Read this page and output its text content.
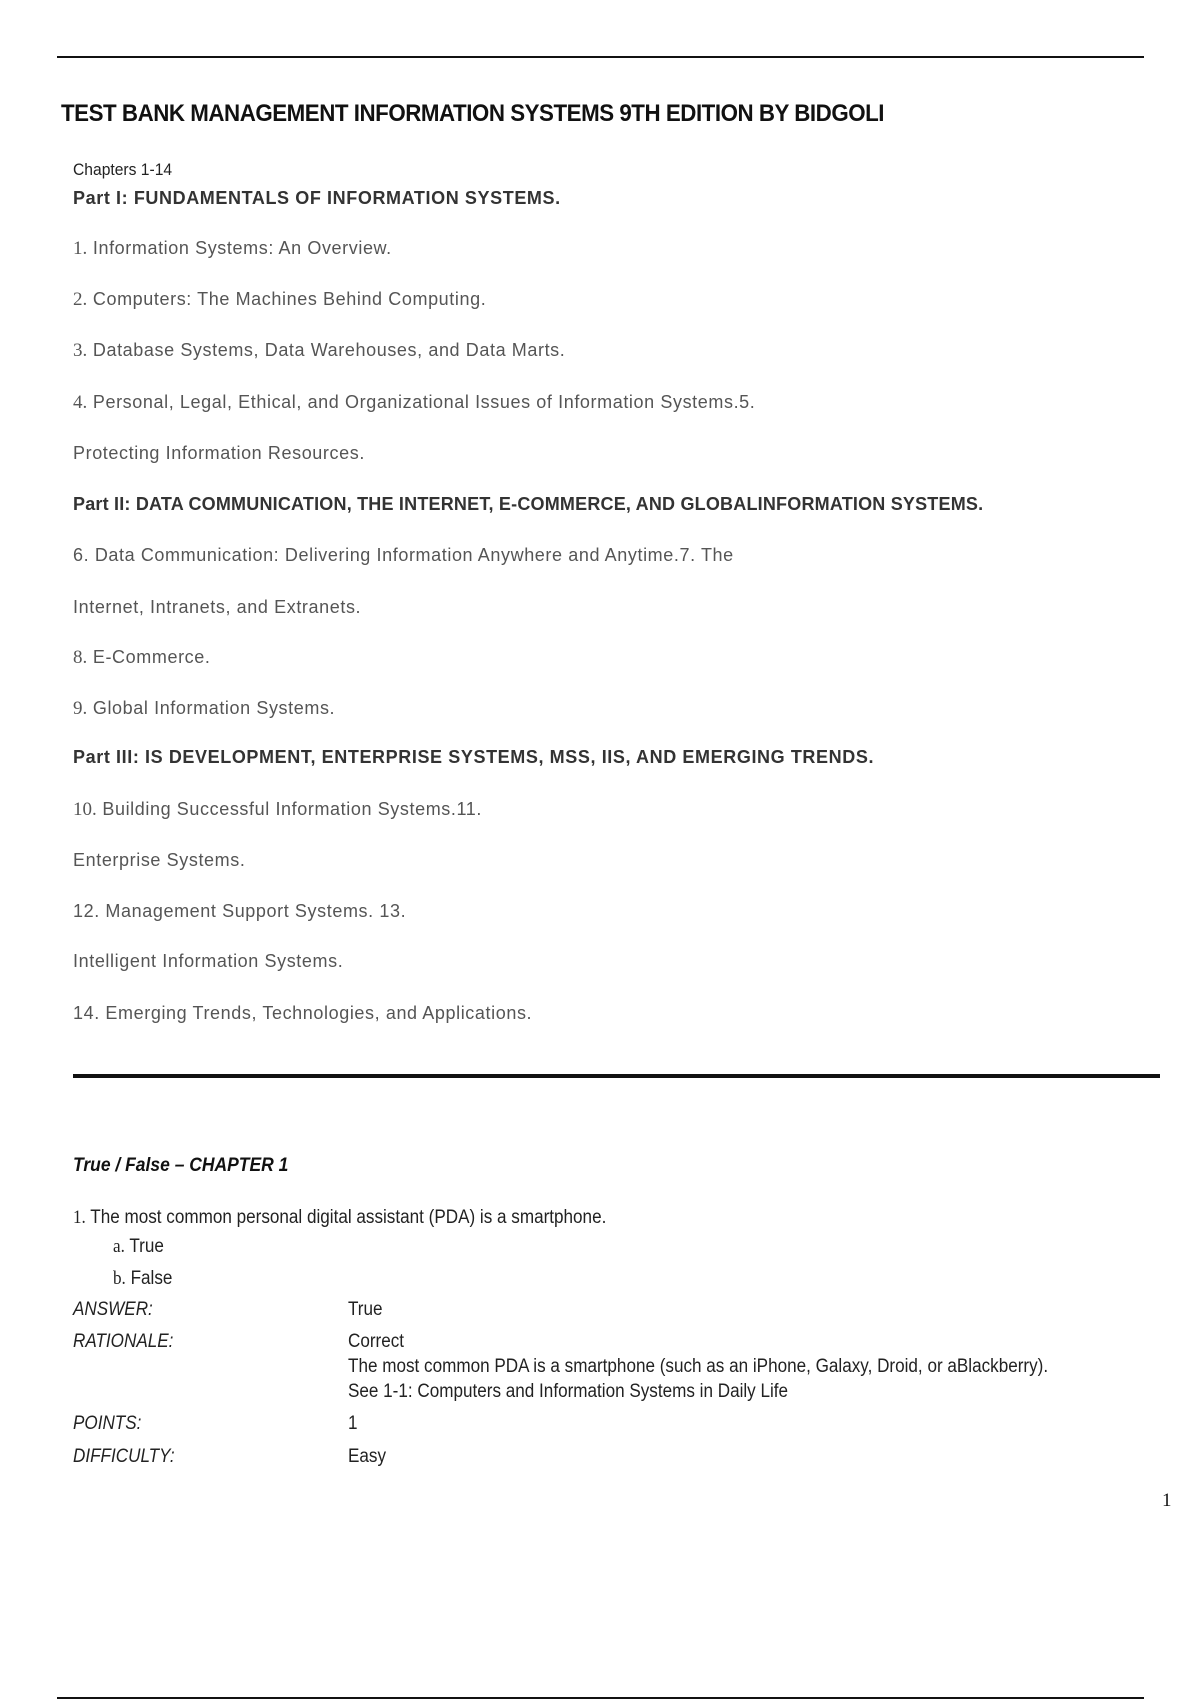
TEST BANK MANAGEMENT INFORMATION SYSTEMS 9TH EDITION BY BIDGOLI
Chapters 1-14
Part I: FUNDAMENTALS OF INFORMATION SYSTEMS.
1. Information Systems: An Overview.
2. Computers: The Machines Behind Computing.
3. Database Systems, Data Warehouses, and Data Marts.
4. Personal, Legal, Ethical, and Organizational Issues of Information Systems.5.
Protecting Information Resources.
Part II: DATA COMMUNICATION, THE INTERNET, E-COMMERCE, AND GLOBALINFORMATION SYSTEMS.
6. Data Communication: Delivering Information Anywhere and Anytime.7. The
Internet, Intranets, and Extranets.
8. E-Commerce.
9. Global Information Systems.
Part III: IS DEVELOPMENT, ENTERPRISE SYSTEMS, MSS, IIS, AND EMERGING TRENDS.
10. Building Successful Information Systems.11.
Enterprise Systems.
12. Management Support Systems. 13.
Intelligent Information Systems.
14. Emerging Trends, Technologies, and Applications.
True / False – CHAPTER 1
1. The most common personal digital assistant (PDA) is a smartphone.
a. True
b. False
ANSWER:	True
RATIONALE:	Correct
The most common PDA is a smartphone (such as an iPhone, Galaxy, Droid, or aBlackberry).
See 1-1: Computers and Information Systems in Daily Life
POINTS:	1
DIFFICULTY:	Easy
1
